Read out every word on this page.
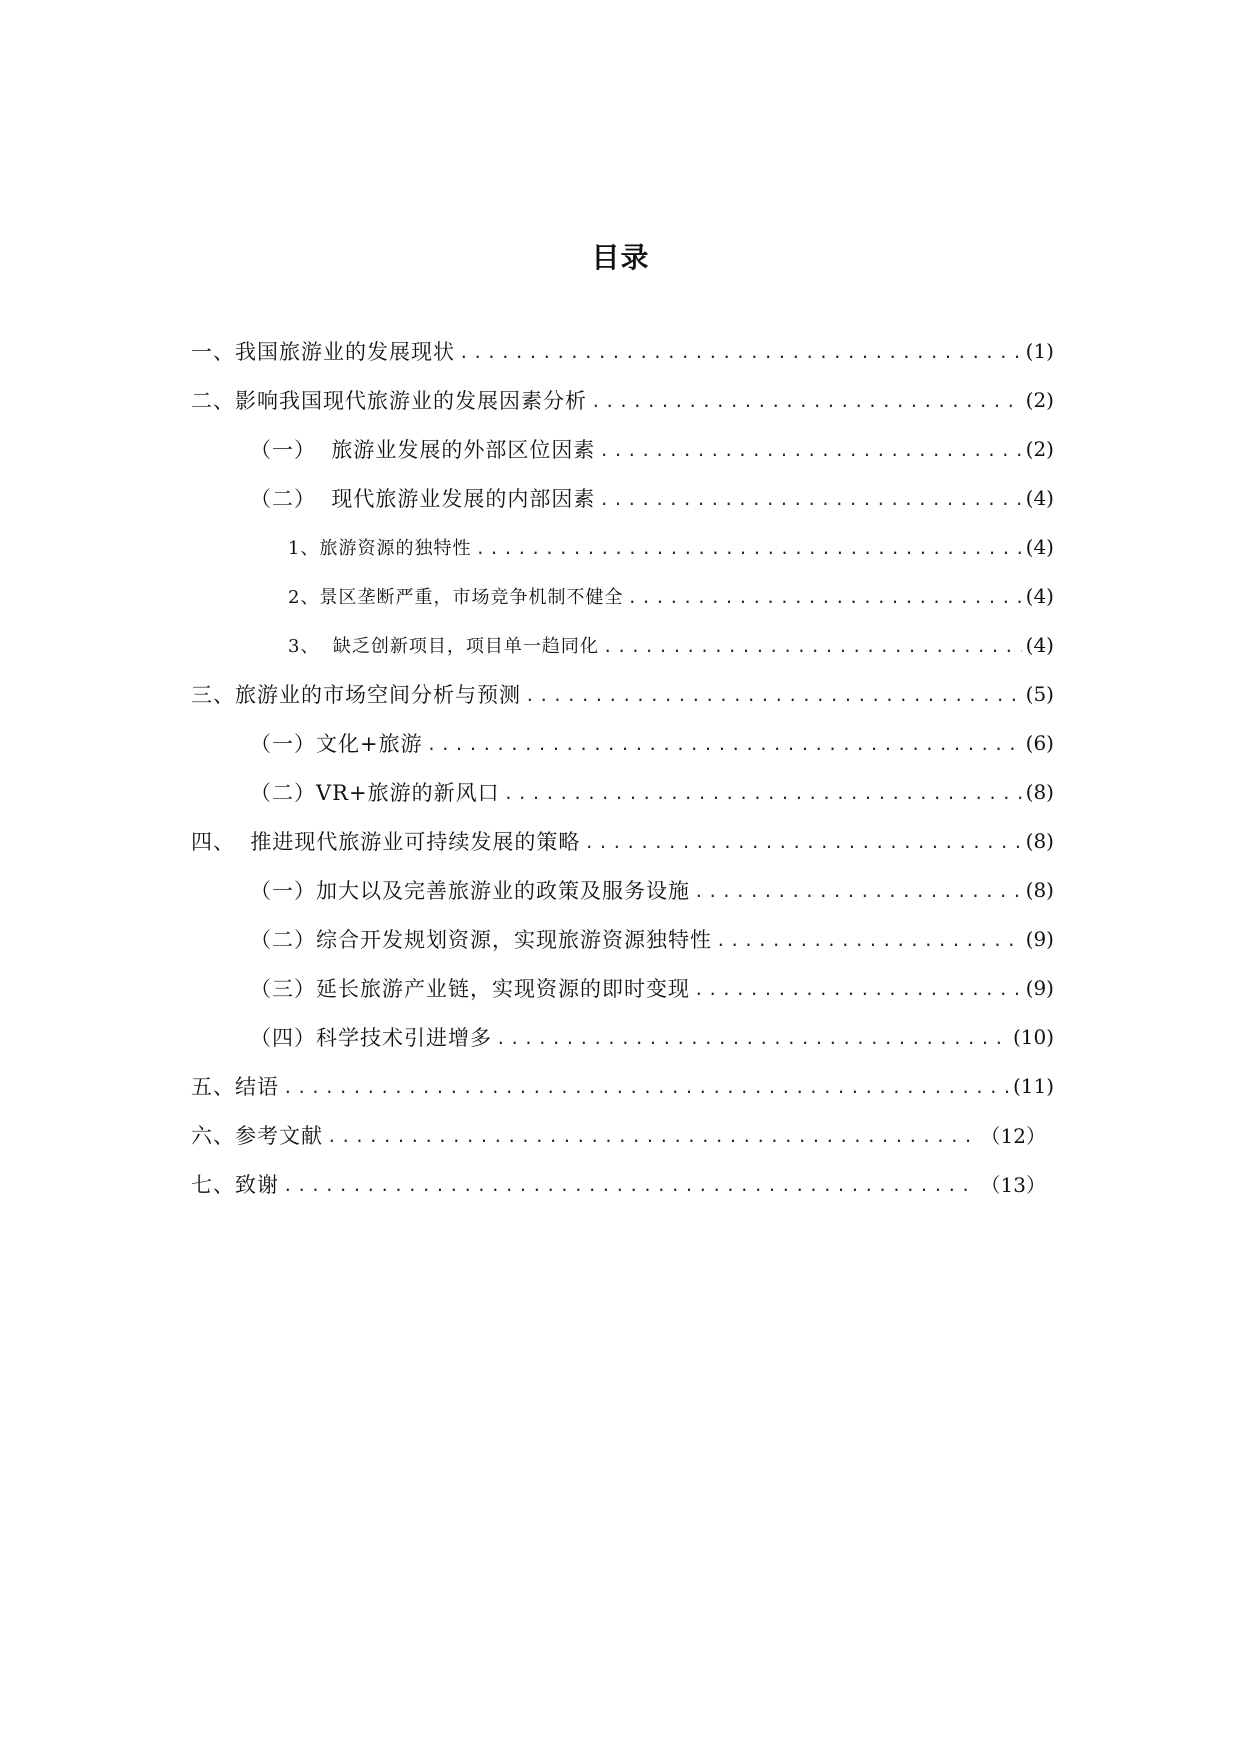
目录
一、我国旅游业的发展现状 .....	(1)
二、影响我国现代旅游业的发展因素分析 .....	(2)
（一）  旅游业发展的外部区位因素 .....	(2)
（二）  现代旅游业发展的内部因素 .....	(4)
1、旅游资源的独特性 .....	(4)
2、景区垄断严重，市场竞争机制不健全 .....	(4)
3、  缺乏创新项目，项目单一趋同化 .....	(4)
三、旅游业的市场空间分析与预测 .....	(5)
（一）文化+旅游 .....	(6)
（二）VR+旅游的新风口 .....	(8)
四、  推进现代旅游业可持续发展的策略 .....	(8)
（一）加大以及完善旅游业的政策及服务设施 .....	(8)
（二）综合开发规划资源，实现旅游资源独特性 .....	(9)
（三）延长旅游产业链，实现资源的即时变现 .....	(9)
（四）科学技术引进增多 .....	(10)
五、结语 .....	(11)
六、参考文献 .....	（12）
七、致谢 .....	（13）
